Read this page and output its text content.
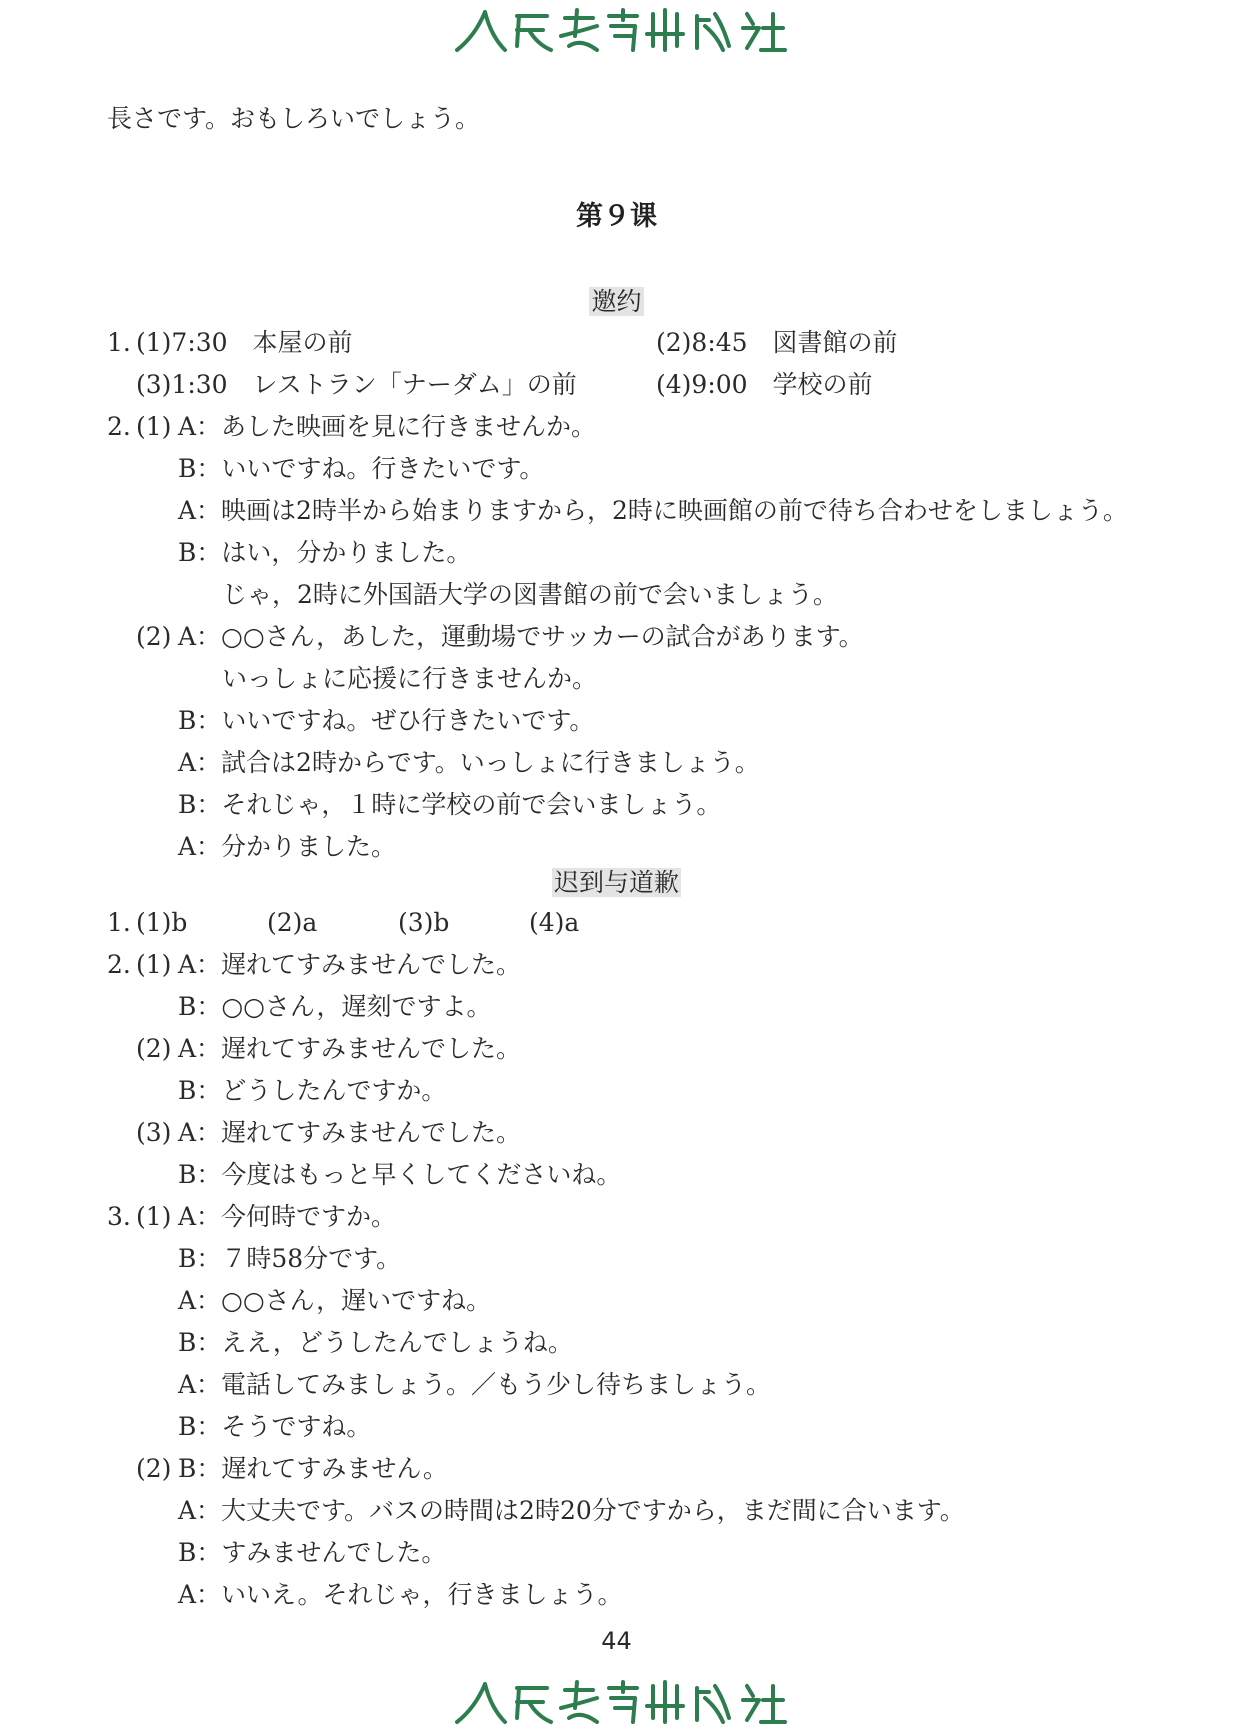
長さです。おもしろいでしょう。
第９课
邀约
1. (1)7:30　本屋の前	(2)8:45　図書館の前
(3)1:30　レストラン「ナーダム」の前	(4)9:00　学校の前
2. (1) A：あした映画を見に行きませんか。
B：いいですね。行きたいです。
A：映画は2時半から始まりますから，2時に映画館の前で待ち合わせをしましょう。
B：はい，分かりました。
じゃ，2時に外国語大学の図書館の前で会いましょう。
(2) A：○○さん，あした，運動場でサッカーの試合があります。
いっしょに応援に行きませんか。
B：いいですね。ぜひ行きたいです。
A：試合は2時からです。いっしょに行きましょう。
B：それじゃ，１時に学校の前で会いましょう。
A：分かりました。
迟到与道歉
1. (1)b	(2)a	(3)b	(4)a
2. (1) A：遅れてすみませんでした。
B：○○さん，遅刻ですよ。
(2) A：遅れてすみませんでした。
B：どうしたんですか。
(3) A：遅れてすみませんでした。
B：今度はもっと早くしてくださいね。
3. (1) A：今何時ですか。
B：７時58分です。
A：○○さん，遅いですね。
B：ええ，どうしたんでしょうね。
A：電話してみましょう。／もう少し待ちましょう。
B：そうですね。
(2) B：遅れてすみません。
A：大丈夫です。バスの時間は2時20分ですから，まだ間に合います。
B：すみませんでした。
A：いいえ。それじゃ，行きましょう。
44
